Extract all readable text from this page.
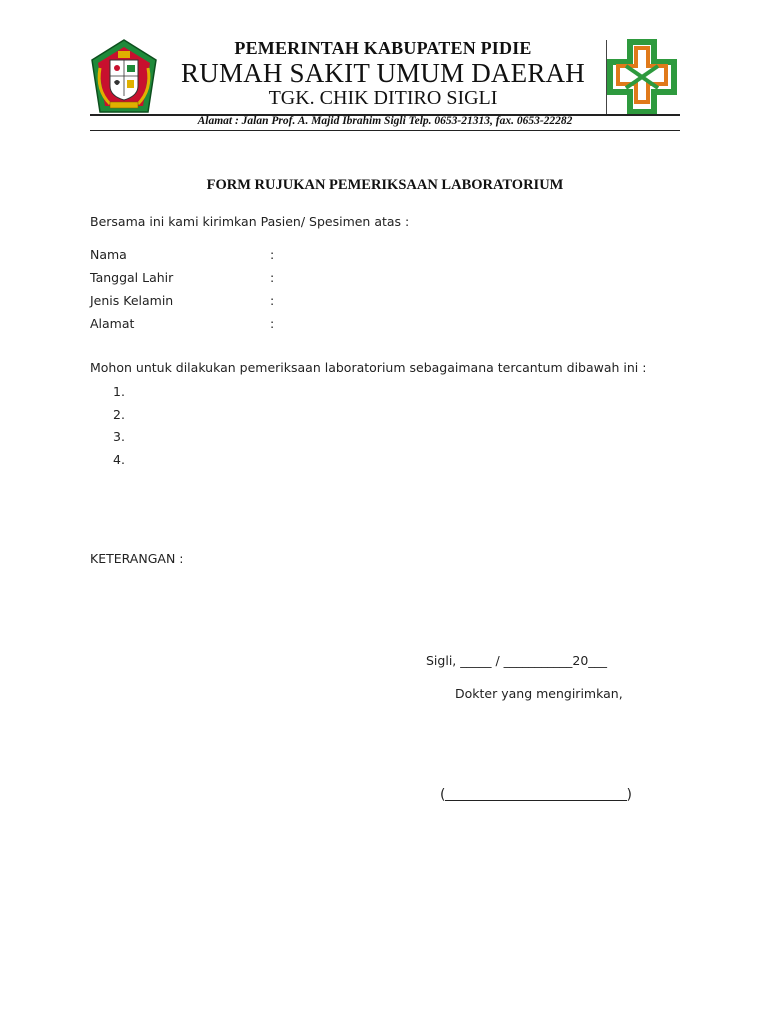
PEMERINTAH KABUPATEN PIDIE
RUMAH SAKIT UMUM DAERAH
TGK. CHIK DITIRO SIGLI
Alamat : Jalan Prof. A. Majid Ibrahim Sigli Telp. 0653-21313, fax. 0653-22282
FORM RUJUKAN PEMERIKSAAN LABORATORIUM
Bersama ini kami kirimkan Pasien/ Spesimen atas :
Nama	:
Tanggal Lahir	:
Jenis Kelamin	:
Alamat	:
Mohon untuk dilakukan pemeriksaan laboratorium sebagaimana tercantum dibawah ini :
1.
2.
3.
4.
KETERANGAN :
Sigli, _____ / ___________20___
Dokter yang mengirimkan,
(	)
